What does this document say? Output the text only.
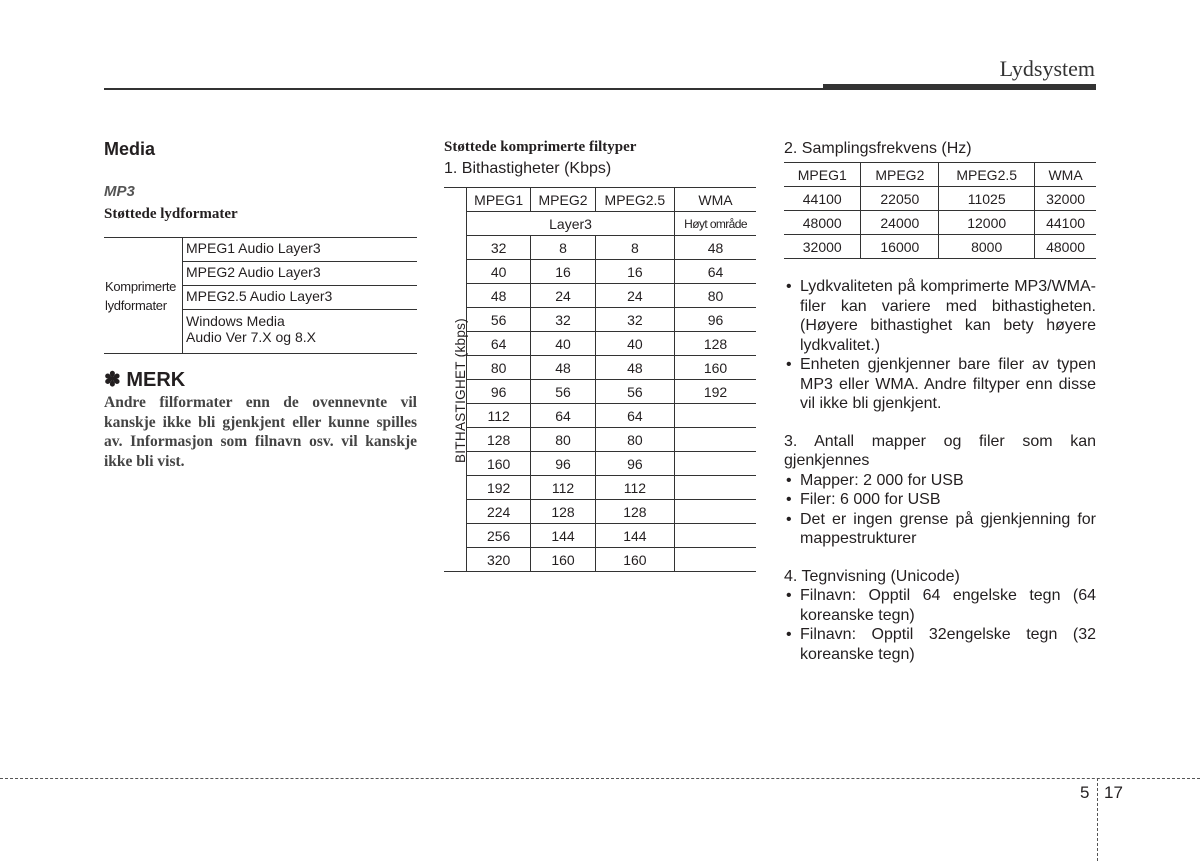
Lydsystem
Media
MP3
Støttede lydformater
Komprimerte lydformater	MPEG1 Audio Layer3
MPEG2 Audio Layer3
MPEG2.5 Audio Layer3

Windows Media
Audio Ver 7.X og 8.X
✽ MERK
Andre filformater enn de ovennevnte vil kanskje ikke bli gjenkjent eller kunne spilles av. Informasjon som filnavn osv. vil kanskje ikke bli vist.
Støttede komprimerte filtyper
1. Bithastigheter (Kbps)
	MPEG1	MPEG2	MPEG2.5	WMA
	Layer3			Høyt område
	32	8	8	48
	40	16	16	64
	48	24	24	80
	56	32	32	96
	64	40	40	128
	80	48	48	160
	96	56	56	192
	112	64	64	
	128	80	80	
	160	96	96	
	192	112	112	
	224	128	128	
	256	144	144	
	320	160	160	
BITHASTIGHET (kbps)
2. Samplingsfrekvens (Hz)
MPEG1	MPEG2	MPEG2.5	WMA
44100	22050	11025	32000
48000	24000	12000	44100
32000	16000	8000	48000
• Lydkvaliteten på komprimerte MP3/WMA-filer kan variere med bithastigheten. (Høyere bithastighet kan bety høyere lydkvalitet.)
• Enheten gjenkjenner bare filer av typen MP3 eller WMA. Andre filtyper enn disse vil ikke bli gjenkjent.
3. Antall mapper og filer som kan gjenkjennes
• Mapper: 2 000 for USB
• Filer: 6 000 for USB
• Det er ingen grense på gjenkjenning for mappestrukturer
4. Tegnvisning (Unicode)
• Filnavn: Opptil 64 engelske tegn (64 koreanske tegn)
• Filnavn: Opptil 32engelske tegn (32 koreanske tegn)
5 17
